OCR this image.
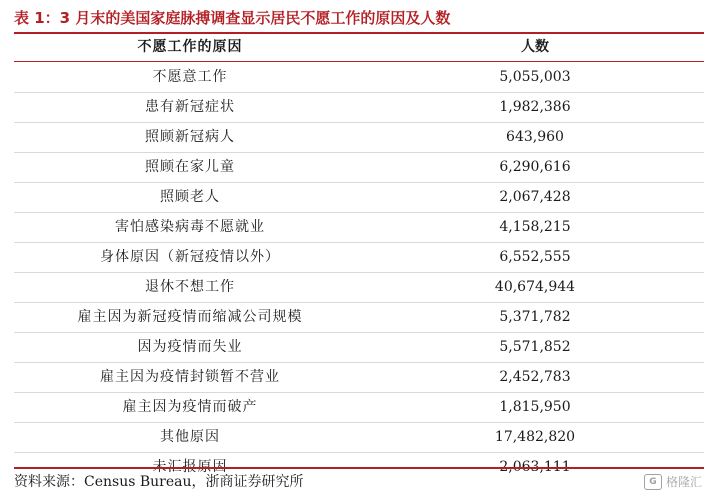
表 1：3 月末的美国家庭脉搏调查显示居民不愿工作的原因及人数
不愿工作的原因	人数
不愿意工作	5,055,003
患有新冠症状	1,982,386
照顾新冠病人	643,960
照顾在家儿童	6,290,616
照顾老人	2,067,428
害怕感染病毒不愿就业	4,158,215
身体原因（新冠疫情以外）	6,552,555
退休不想工作	40,674,944
雇主因为新冠疫情而缩减公司规模	5,371,782
因为疫情而失业	5,571,852
雇主因为疫情封锁暂不营业	2,452,783
雇主因为疫情而破产	1,815,950
其他原因	17,482,820
未汇报原因	2,063,111
资料来源：Census Bureau，浙商证券研究所	G 格隆汇
